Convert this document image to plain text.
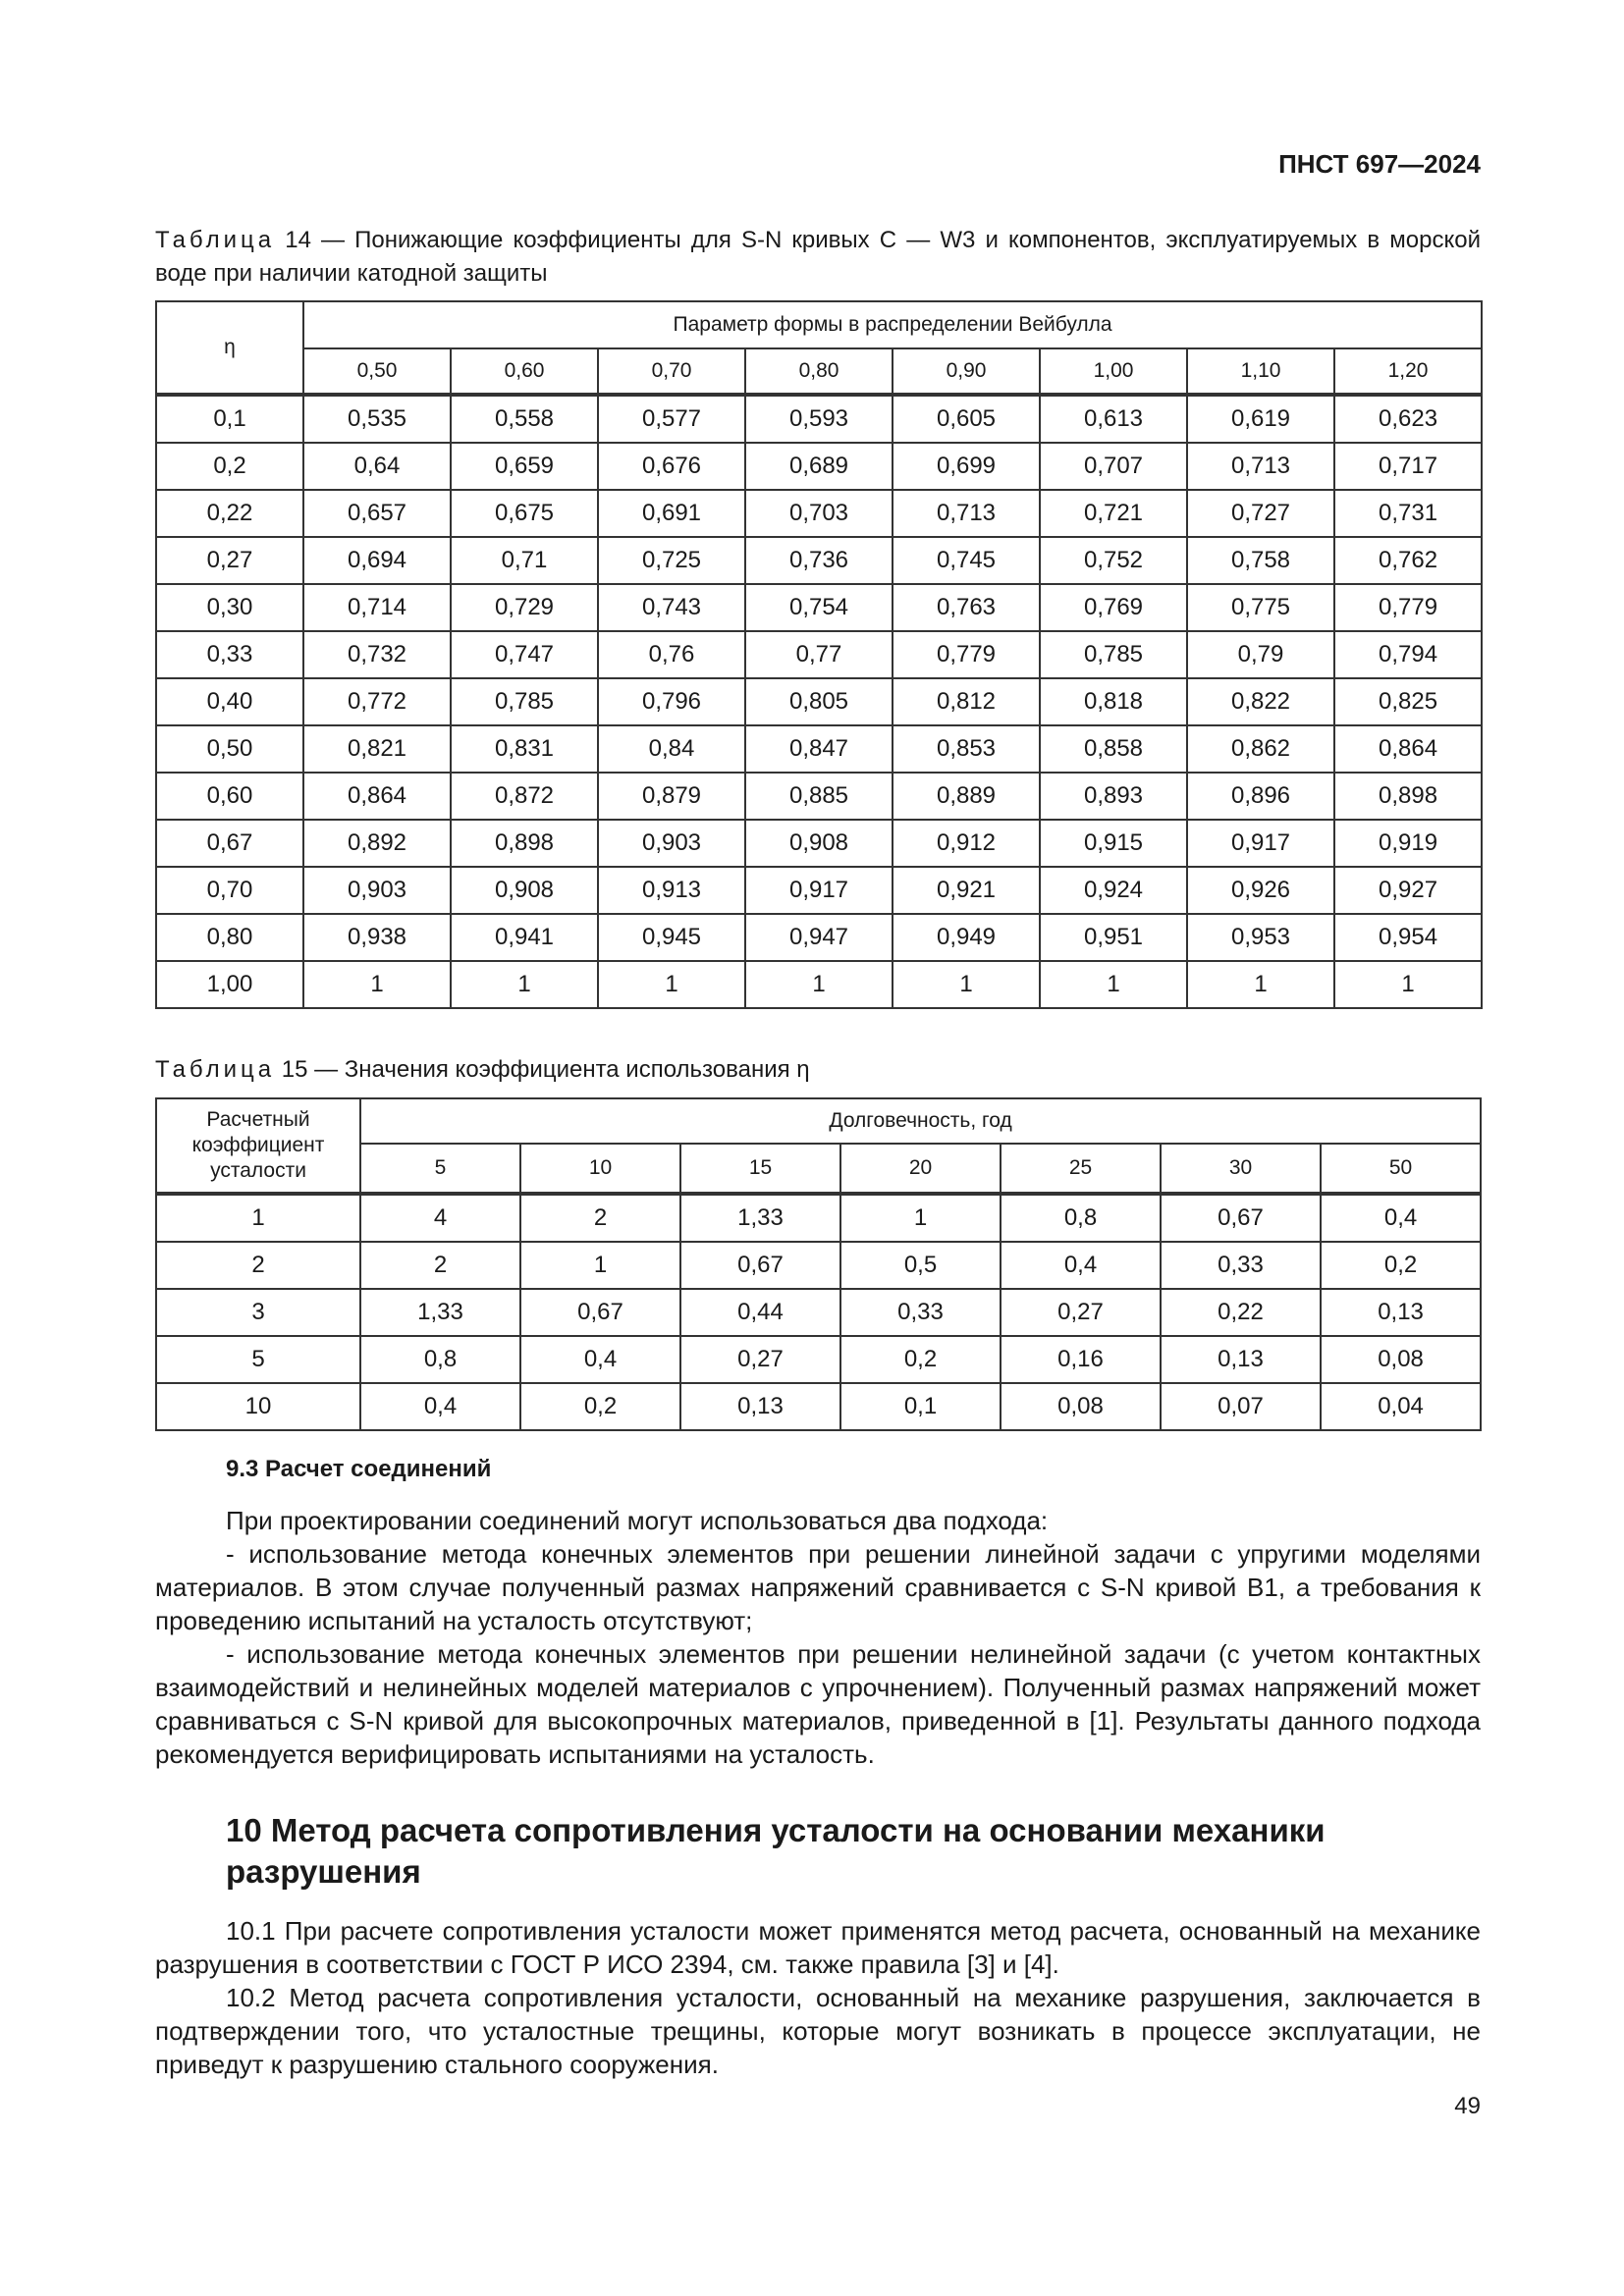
ПНСТ 697—2024
Таблица 14 — Понижающие коэффициенты для S-N кривых C — W3 и компонентов, эксплуатируемых в морской воде при наличии катодной защиты
η	Параметр формы в распределении Вейбулла							
	0,50	0,60	0,70	0,80	0,90	1,00	1,10	1,20
0,1	0,535	0,558	0,577	0,593	0,605	0,613	0,619	0,623
0,2	0,64	0,659	0,676	0,689	0,699	0,707	0,713	0,717
0,22	0,657	0,675	0,691	0,703	0,713	0,721	0,727	0,731
0,27	0,694	0,71	0,725	0,736	0,745	0,752	0,758	0,762
0,30	0,714	0,729	0,743	0,754	0,763	0,769	0,775	0,779
0,33	0,732	0,747	0,76	0,77	0,779	0,785	0,79	0,794
0,40	0,772	0,785	0,796	0,805	0,812	0,818	0,822	0,825
0,50	0,821	0,831	0,84	0,847	0,853	0,858	0,862	0,864
0,60	0,864	0,872	0,879	0,885	0,889	0,893	0,896	0,898
0,67	0,892	0,898	0,903	0,908	0,912	0,915	0,917	0,919
0,70	0,903	0,908	0,913	0,917	0,921	0,924	0,926	0,927
0,80	0,938	0,941	0,945	0,947	0,949	0,951	0,953	0,954
1,00	1	1	1	1	1	1	1	1
Таблица 15 — Значения коэффициента использования η
Расчетный коэффициент усталости	Долговечность, год						
	5	10	15	20	25	30	50
1	4	2	1,33	1	0,8	0,67	0,4
2	2	1	0,67	0,5	0,4	0,33	0,2
3	1,33	0,67	0,44	0,33	0,27	0,22	0,13
5	0,8	0,4	0,27	0,2	0,16	0,13	0,08
10	0,4	0,2	0,13	0,1	0,08	0,07	0,04
9.3 Расчет соединений

При проектировании соединений могут использоваться два подхода:

- использование метода конечных элементов при решении линейной задачи с упругими моделями материалов. В этом случае полученный размах напряжений сравнивается с S-N кривой B1, а требования к проведению испытаний на усталость отсутствуют;

- использование метода конечных элементов при решении нелинейной задачи (с учетом контактных взаимодействий и нелинейных моделей материалов с упрочнением). Полученный размах напряжений может сравниваться с S-N кривой для высокопрочных материалов, приведенной в [1]. Результаты данного подхода рекомендуется верифицировать испытаниями на усталость.

10 Метод расчета сопротивления усталости на основании механики разрушения

10.1 При расчете сопротивления усталости может применятся метод расчета, основанный на механике разрушения в соответствии с ГОСТ Р ИСО 2394, см. также правила [3] и [4].

10.2 Метод расчета сопротивления усталости, основанный на механике разрушения, заключается в подтверждении того, что усталостные трещины, которые могут возникать в процессе эксплуатации, не приведут к разрушению стального сооружения.

49
